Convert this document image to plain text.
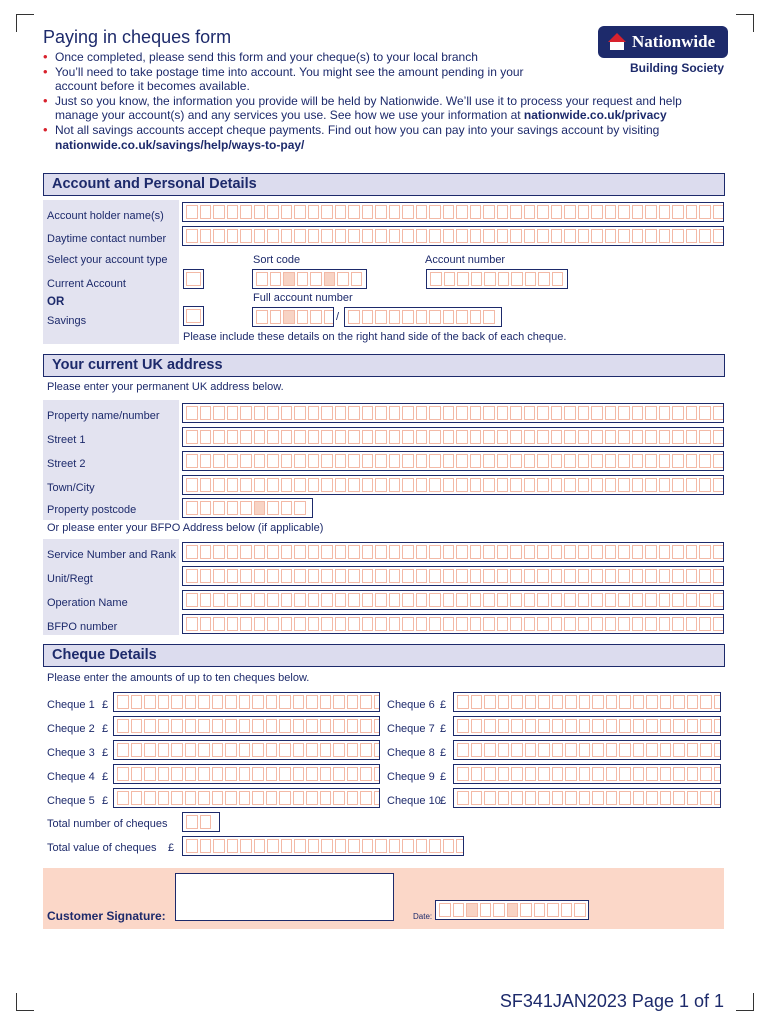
Paying in cheques form	Nationwide
Building Society
• Once completed, please send this form and your cheque(s) to your local branch
• You’ll need to take postage time into account. You might see the amount pending in your account before it becomes available.
• Just so you know, the information you provide will be held by Nationwide. We’ll use it to process your request and help manage your account(s) and any services you use. See how we use your information at nationwide.co.uk/privacy
• Not all savings accounts accept cheque payments. Find out how you can pay into your savings account by visiting nationwide.co.uk/savings/help/ways-to-pay/
Account and Personal Details
Account holder name(s)
Daytime contact number
Select your account type
Current Account
OR
Savings
Sort code	Account number
Full account number
/
Please include these details on the right hand side of the back of each cheque.
Your current UK address
Please enter your permanent UK address below.
Property name/number
Street 1
Street 2
Town/City
Property postcode
Or please enter your BFPO Address below (if applicable)
Service Number and Rank
Unit/Regt
Operation Name
BFPO number
Cheque Details
Please enter the amounts of up to ten cheques below.
Cheque 1 £
Cheque 2 £
Cheque 3 £
Cheque 4 £
Cheque 5 £
Cheque 6 £
Cheque 7 £
Cheque 8 £
Cheque 9 £
Cheque 10 £
Total number of cheques
Total value of cheques £
Customer Signature:	Date:
SF341JAN2023 Page 1 of 1
